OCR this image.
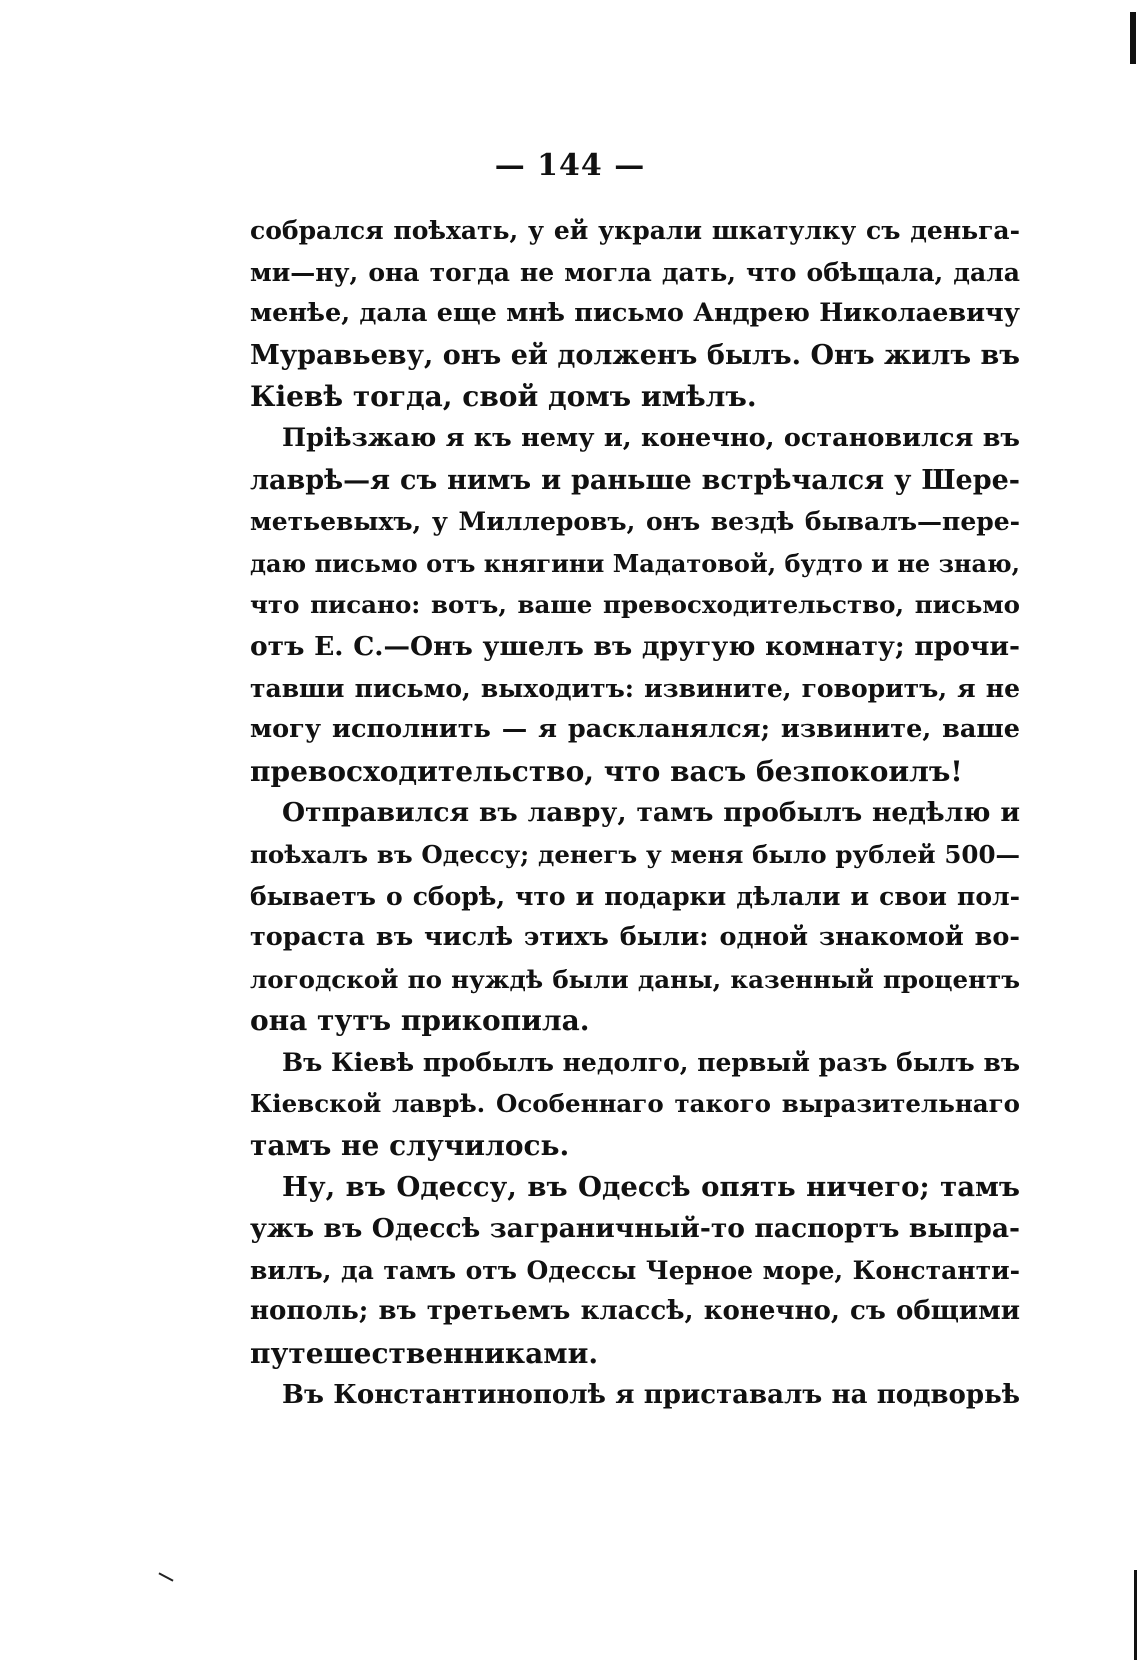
— 144 —
собрался поѣхать, у ей украли шкатулку съ деньга-
ми—ну, она тогда не могла дать, что обѣщала, дала
менѣе, дала еще мнѣ письмо Андрею Николаевичу
Муравьеву, онъ ей долженъ былъ. Онъ жилъ въ
Кіевѣ тогда, свой домъ имѣлъ.
Пріѣзжаю я къ нему и, конечно, остановился въ
лаврѣ—я съ нимъ и раньше встрѣчался у Шере-
метьевыхъ, у Миллеровъ, онъ вездѣ бывалъ—пере-
даю письмо отъ княгини Мадатовой, будто и не знаю,
что писано: вотъ, ваше превосходительство, письмо
отъ Е. С.—Онъ ушелъ въ другую комнату; прочи-
тавши письмо, выходитъ: извините, говоритъ, я не
могу исполнить — я раскланялся; извините, ваше
превосходительство, что васъ безпокоилъ!
Отправился въ лавру, тамъ пробылъ недѣлю и
поѣхалъ въ Одессу; денегъ у меня было рублей 500—
бываетъ о сборѣ, что и подарки дѣлали и свои пол-
тораста въ числѣ этихъ были: одной знакомой во-
логодской по нуждѣ были даны, казенный процентъ
она тутъ прикопила.
Въ Кіевѣ пробылъ недолго, первый разъ былъ въ
Кіевской лаврѣ. Особеннаго такого выразительнаго
тамъ не случилось.
Ну, въ Одессу, въ Одессѣ опять ничего; тамъ
ужъ въ Одессѣ заграничный-то паспортъ выпра-
вилъ, да тамъ отъ Одессы Черное море, Константи-
нополь; въ третьемъ классѣ, конечно, съ общими
путешественниками.
Въ Константинополѣ я приставалъ на подворьѣ
